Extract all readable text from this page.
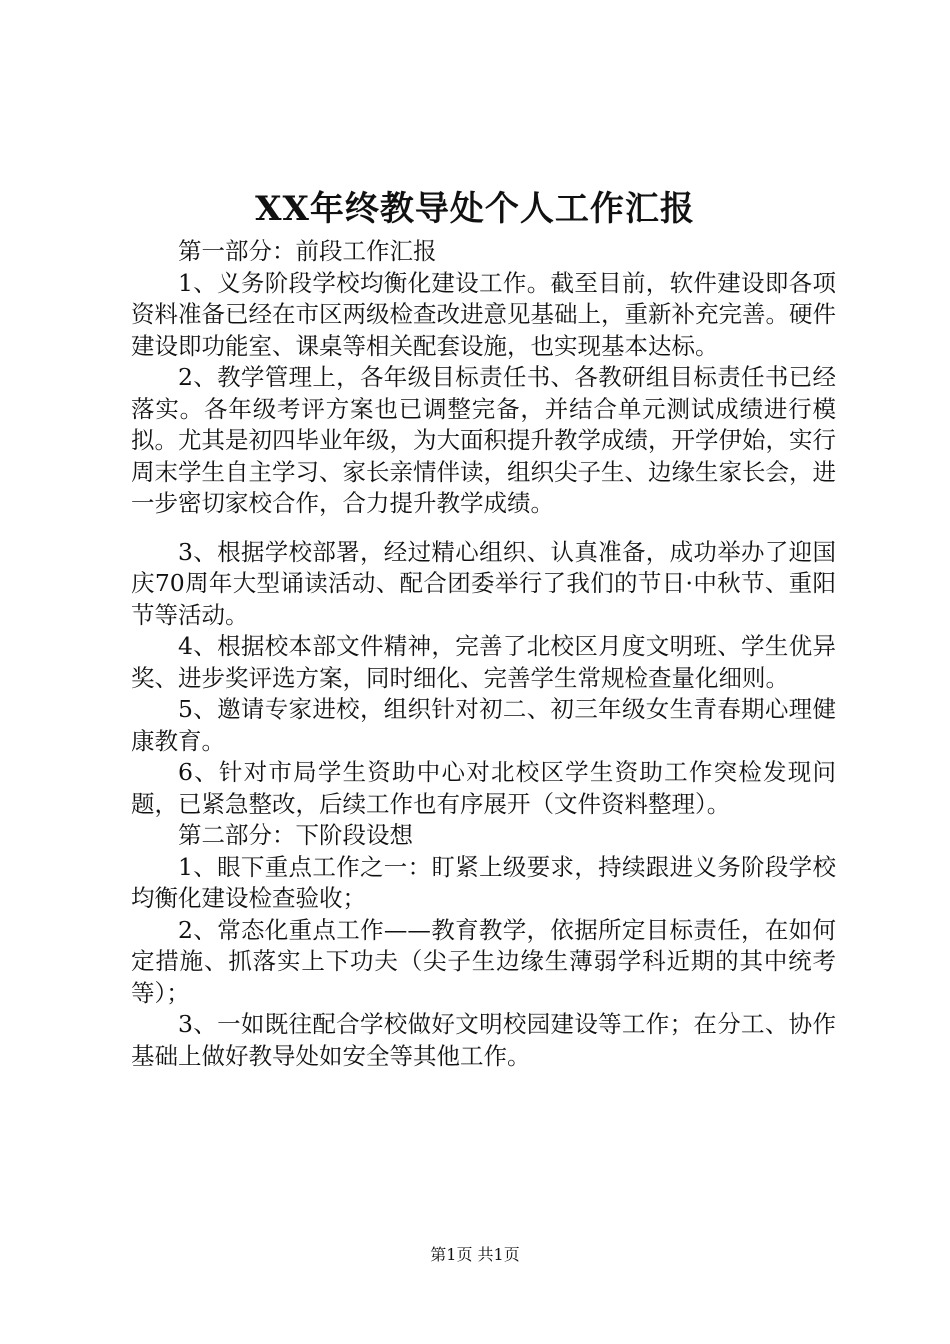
XX年终教导处个人工作汇报

第一部分：前段工作汇报

1、义务阶段学校均衡化建设工作。截至目前，软件建设即各项资料准备已经在市区两级检查改进意见基础上，重新补充完善。硬件建设即功能室、课桌等相关配套设施，也实现基本达标。

2、教学管理上，各年级目标责任书、各教研组目标责任书已经落实。各年级考评方案也已调整完备，并结合单元测试成绩进行模拟。尤其是初四毕业年级，为大面积提升教学成绩，开学伊始，实行周末学生自主学习、家长亲情伴读，组织尖子生、边缘生家长会，进一步密切家校合作，合力提升教学成绩。

3、根据学校部署，经过精心组织、认真准备，成功举办了迎国庆70周年大型诵读活动、配合团委举行了我们的节日·中秋节、重阳节等活动。

4、根据校本部文件精神，完善了北校区月度文明班、学生优异奖、进步奖评选方案，同时细化、完善学生常规检查量化细则。

5、邀请专家进校，组织针对初二、初三年级女生青春期心理健康教育。

6、针对市局学生资助中心对北校区学生资助工作突检发现问题，已紧急整改，后续工作也有序展开（文件资料整理）。

第二部分：下阶段设想

1、眼下重点工作之一：盯紧上级要求，持续跟进义务阶段学校均衡化建设检查验收；

2、常态化重点工作——教育教学，依据所定目标责任，在如何定措施、抓落实上下功夫（尖子生边缘生薄弱学科近期的其中统考等）；

3、一如既往配合学校做好文明校园建设等工作；在分工、协作基础上做好教导处如安全等其他工作。

第1页 共1页
